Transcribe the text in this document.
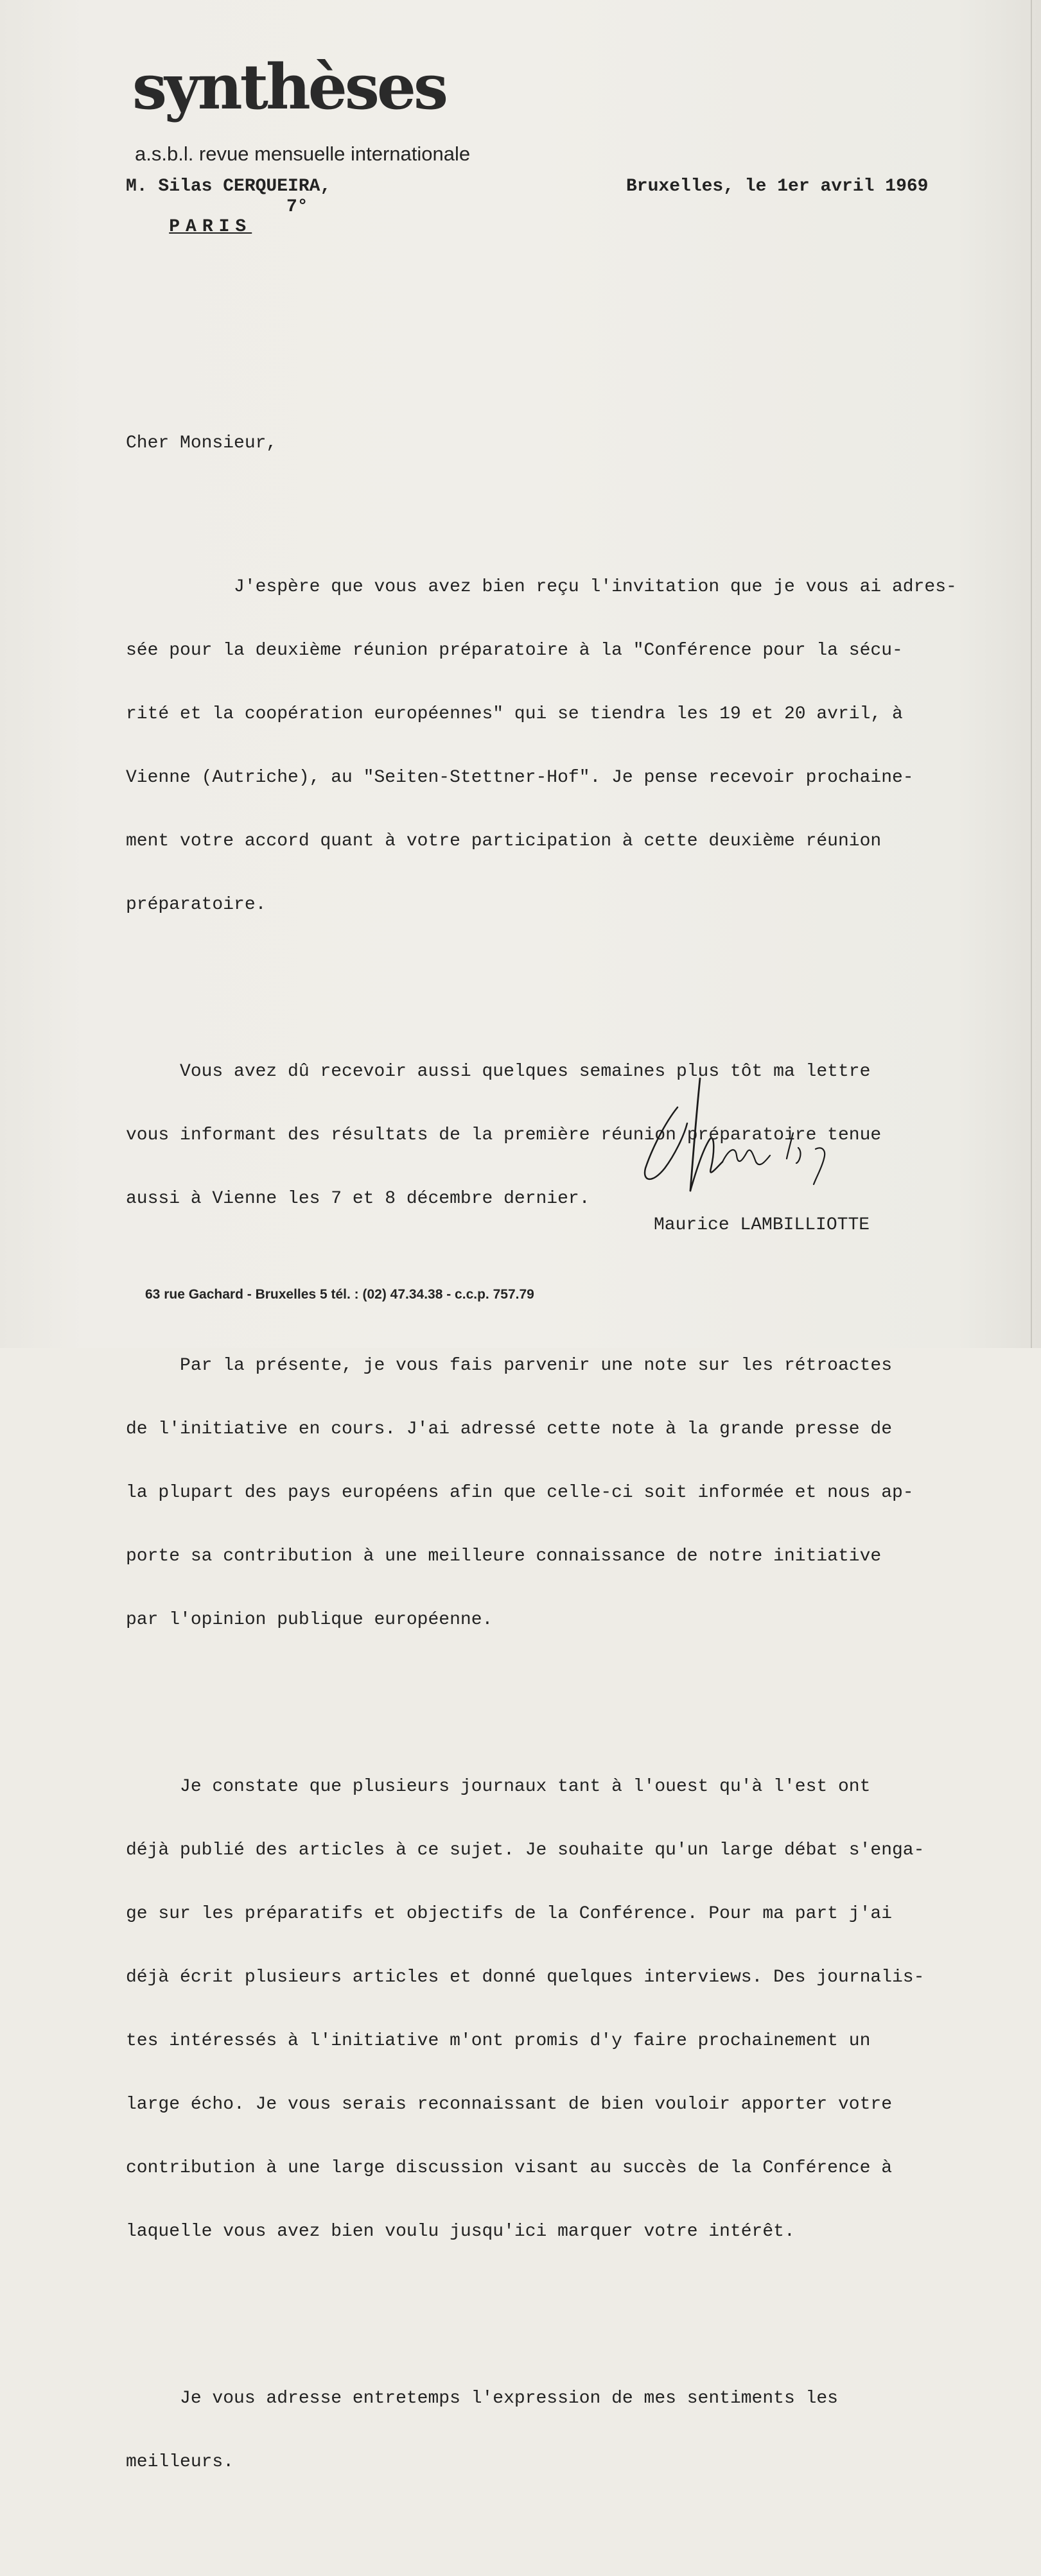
synthèses
a.s.b.l. revue mensuelle internationale
M. Silas CERQUEIRA,

PARIS

7°
Bruxelles, le 1er avril 1969
Cher Monsieur,

J'espère que vous avez bien reçu l'invitation que je vous ai adres-

sée pour la deuxième réunion préparatoire à la "Conférence pour la sécu-

rité et la coopération européennes" qui se tiendra les 19 et 20 avril, à

Vienne (Autriche), au "Seiten-Stettner-Hof". Je pense recevoir prochaine-

ment votre accord quant à votre participation à cette deuxième réunion

préparatoire.

Vous avez dû recevoir aussi quelques semaines plus tôt ma lettre

vous informant des résultats de la première réunion préparatoire tenue

aussi à Vienne les 7 et 8 décembre dernier.

Par la présente, je vous fais parvenir une note sur les rétroactes

de l'initiative en cours. J'ai adressé cette note à la grande presse de

la plupart des pays européens afin que celle-ci soit informée et nous ap-

porte sa contribution à une meilleure connaissance de notre initiative

par l'opinion publique européenne.

Je constate que plusieurs journaux tant à l'ouest qu'à l'est ont

déjà publié des articles à ce sujet. Je souhaite qu'un large débat s'enga-

ge sur les préparatifs et objectifs de la Conférence. Pour ma part j'ai

déjà écrit plusieurs articles et donné quelques interviews. Des journalis-

tes intéressés à l'initiative m'ont promis d'y faire prochainement un

large écho. Je vous serais reconnaissant de bien vouloir apporter votre

contribution à une large discussion visant au succès de la Conférence à

laquelle vous avez bien voulu jusqu'ici marquer votre intérêt.

Je vous adresse entretemps l'expression de mes sentiments les

meilleurs.

Maurice LAMBILLIOTTE
63 rue Gachard - Bruxelles 5 tél. : (02) 47.34.38 - c.c.p. 757.79
